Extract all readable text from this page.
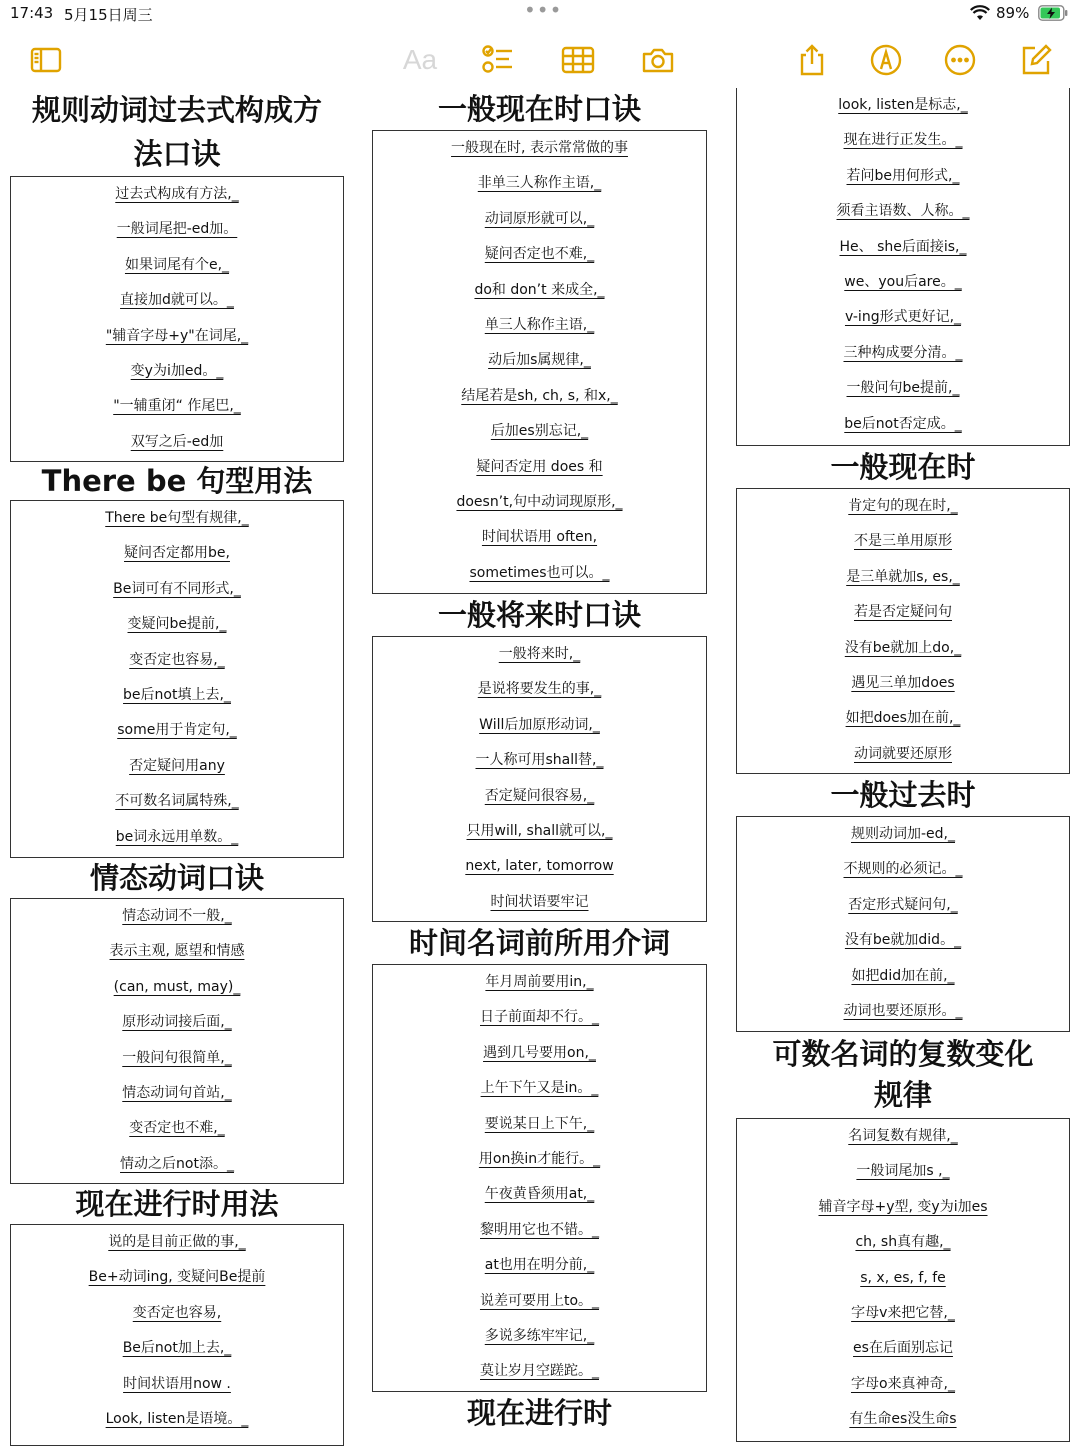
17:43 5月15日周三	•••	89%
Aa
规则动词过去式构成方
法口诀
过去式构成有方法,_
一般词尾把-ed加。
如果词尾有个e,_
直接加d就可以。_
"辅音字母+y"在词尾,_
变y为i加ed。_
"一辅重闭“ 作尾巴,_
双写之后-ed加
There be 句型用法
There be句型有规律,_
疑问否定都用be,
Be词可有不同形式,_
变疑问be提前,_
变否定也容易,_
be后not填上去,_
some用于肯定句,_
否定疑问用any
不可数名词属特殊,_
be词永远用单数。_
情态动词口诀
情态动词不一般,_
表示主观, 愿望和情感
(can, must, may)_
原形动词接后面,_
一般问句很简单,_
情态动词句首站,_
变否定也不难,_
情动之后not添。_
现在进行时用法
说的是目前正做的事,_
Be+动词ing, 变疑问Be提前
变否定也容易,
Be后not加上去,_
时间状语用now .
Look, listen是语境。_
一般现在时口诀
一般现在时, 表示常常做的事
非单三人称作主语,_
动词原形就可以,_
疑问否定也不难,_
do和 don’t 来成全,_
单三人称作主语,_
动后加s属规律,_
结尾若是sh, ch, s, 和x,_
后加es别忘记,_
疑问否定用 does 和
doesn’t,句中动词现原形,_
时间状语用 often,
sometimes也可以。_
一般将来时口诀
一般将来时,_
是说将要发生的事,_
Will后加原形动词,_
一人称可用shall替,_
否定疑问很容易,_
只用will, shall就可以,_
next, later, tomorrow
时间状语要牢记
时间名词前所用介词
年月周前要用in,_
日子前面却不行。_
遇到几号要用on,_
上午下午又是in。_
要说某日上下午,_
用on换in才能行。_
午夜黄昏须用at,_
黎明用它也不错。_
at也用在明分前,_
说差可要用上to。_
多说多练牢牢记,_
莫让岁月空蹉跎。_
现在进行时
look, listen是标志,_
现在进行正发生。_
若问be用何形式,_
须看主语数、人称。_
He、 she后面接is,_
we、you后are。_
v-ing形式更好记,_
三种构成要分清。_
一般问句be提前,_
be后not否定成。_
一般现在时
肯定句的现在时,_
不是三单用原形
是三单就加s, es,_
若是否定疑问句
没有be就加上do,_
遇见三单加does
如把does加在前,_
动词就要还原形
一般过去时
规则动词加-ed,_
不规则的必须记。_
否定形式疑问句,_
没有be就加did。_
如把did加在前,_
动词也要还原形。_
可数名词的复数变化
规律
名词复数有规律,_
一般词尾加s ,_
辅音字母+y型, 变y为i加es
ch, sh真有趣,_
s, x, es, f, fe
字母v来把它替,_
es在后面别忘记
字母o来真神奇,_
有生命es没生命s
